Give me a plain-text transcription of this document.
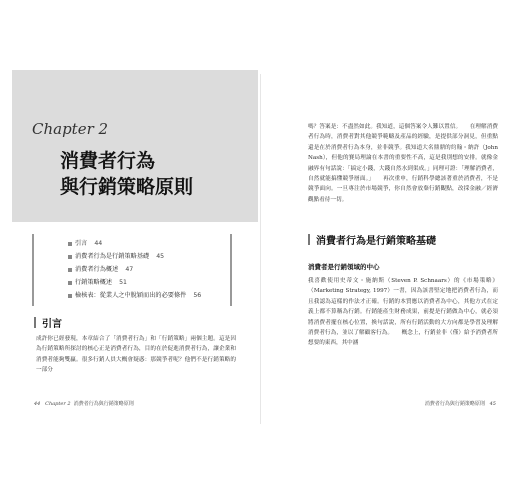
Chapter 2
消費者行為
與行銷策略原則
引言 44
消費者行為是行銷策略基礎 45
消費者行為概述 47
行銷策略概述 51
檢核表：從業人之中脫穎而出的必要條件 56
引言

成許你已經發現，本章結合了「消費者行為」和「行銷策略」兩個主題。這是因為行銷策略所探討的核心正是消費者行為，目的在於促進消費者行為，讓企業和消費者能夠雙贏。很多行銷人員大概會疑惑：那競爭者呢？他們不是行銷策略的一部分

44 Chapter 2 消費者行為與行銷策略原則

嗎？答案是：不盡然如此。我知道，這個答案令人難以置信。　　在理解消費者行為時，消費者對其他競爭範疇及產品的經驗，是提供部分洞見，但重點還是在於消費者行為本身，並非競爭。我知道大名鼎鼎的約翰・納許（John Nash），但他的賽局理論在本書的重要性不高，這是我別想的安排。就像金融界有句話說：「搞定小錢，大錢自然水到渠成。」同理可證：「理解消費者，自然就能搞懂競爭層面。」　　再次重申，行銷科學總該著重於消費者，不是競爭面向。一旦專注於市場競爭，你自然會放棄行銷觀點，改採金融／經濟觀點看待一切。

消費者行為是行銷策略基礎
消費者是行銷領域的中心

我喜歡使用史蒂文・施納斯（Steven P. Schnaars）的《市場策略》（Marketing Strategy, 1997）一書，因為該書堅定地把消費者行為，而且我認為這樣的作法才正確。行銷的本質應以消費者為中心，其他方式在定義上都不算稱為行銷。行銷能產生財務成果，前提是行銷做為中心，就必須將消費者擺在核心位置，換句話說，所有行銷活動的大方向都是學習及理解消費者行為，並以了解顧客行為。　　概念上，行銷並非（僅）給予消費者所想要的東西，其中涵

消費者行為與行銷策略原則 45
